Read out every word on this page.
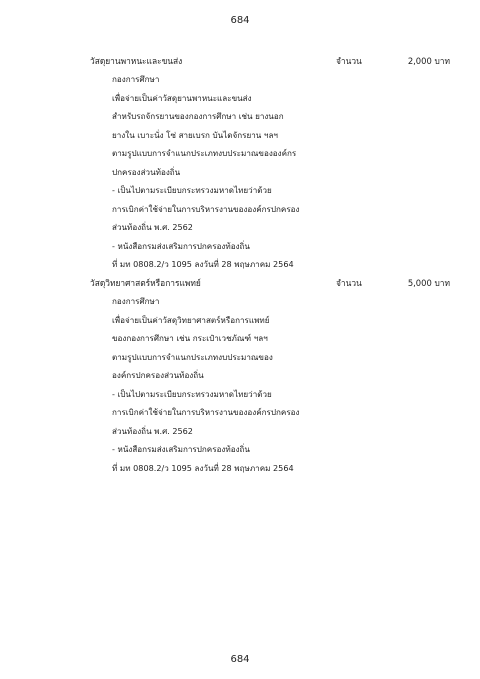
684
วัสดุยานพาหนะและขนส่ง	จำนวน	2,000 บาท
กองการศึกษา
เพื่อจ่ายเป็นค่าวัสดุยานพาหนะและขนส่ง
สำหรับรถจักรยานของกองการศึกษา เช่น ยางนอก
ยางใน เบาะนั่ง โซ่ สายเบรก บันไดจักรยาน ฯลฯ
ตามรูปแบบการจำแนกประเภทงบประมาณขององค์กร
ปกครองส่วนท้องถิ่น
- เป็นไปตามระเบียบกระทรวงมหาดไทยว่าด้วย
การเบิกค่าใช้จ่ายในการบริหารงานขององค์กรปกครอง
ส่วนท้องถิ่น พ.ศ. 2562
- หนังสือกรมส่งเสริมการปกครองท้องถิ่น
ที่ มท 0808.2/ว 1095 ลงวันที่ 28 พฤษภาคม 2564
วัสดุวิทยาศาสตร์หรือการแพทย์	จำนวน	5,000 บาท
กองการศึกษา
เพื่อจ่ายเป็นค่าวัสดุวิทยาศาสตร์หรือการแพทย์
ของกองการศึกษา เช่น กระเป๋าเวชภัณฑ์ ฯลฯ
ตามรูปแบบการจำแนกประเภทงบประมาณของ
องค์กรปกครองส่วนท้องถิ่น
- เป็นไปตามระเบียบกระทรวงมหาดไทยว่าด้วย
การเบิกค่าใช้จ่ายในการบริหารงานขององค์กรปกครอง
ส่วนท้องถิ่น พ.ศ. 2562
- หนังสือกรมส่งเสริมการปกครองท้องถิ่น
ที่ มท 0808.2/ว 1095 ลงวันที่ 28 พฤษภาคม 2564
684
